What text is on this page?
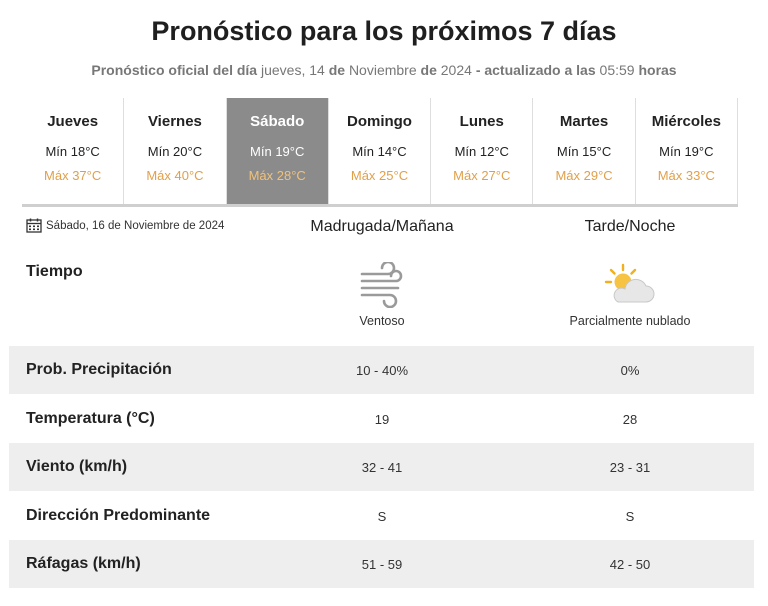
Pronóstico para los próximos 7 días
Pronóstico oficial del día jueves, 14 de Noviembre de 2024 - actualizado a las 05:59 horas
Jueves
Mín 18°C
Máx 37°C
Viernes
Mín 20°C
Máx 40°C
Sábado
Mín 19°C
Máx 28°C
Domingo
Mín 14°C
Máx 25°C
Lunes
Mín 12°C
Máx 27°C
Martes
Mín 15°C
Máx 29°C
Miércoles
Mín 19°C
Máx 33°C
Sábado, 16 de Noviembre de 2024	Madrugada/Mañana	Tarde/Noche
Tiempo
Ventoso	Parcialmente nublado
Prob. Precipitación	10 - 40%	0%
Temperatura (°C)	19	28
Viento (km/h)	32 - 41	23 - 31
Dirección Predominante	S	S
Ráfagas (km/h)	51 - 59	42 - 50
